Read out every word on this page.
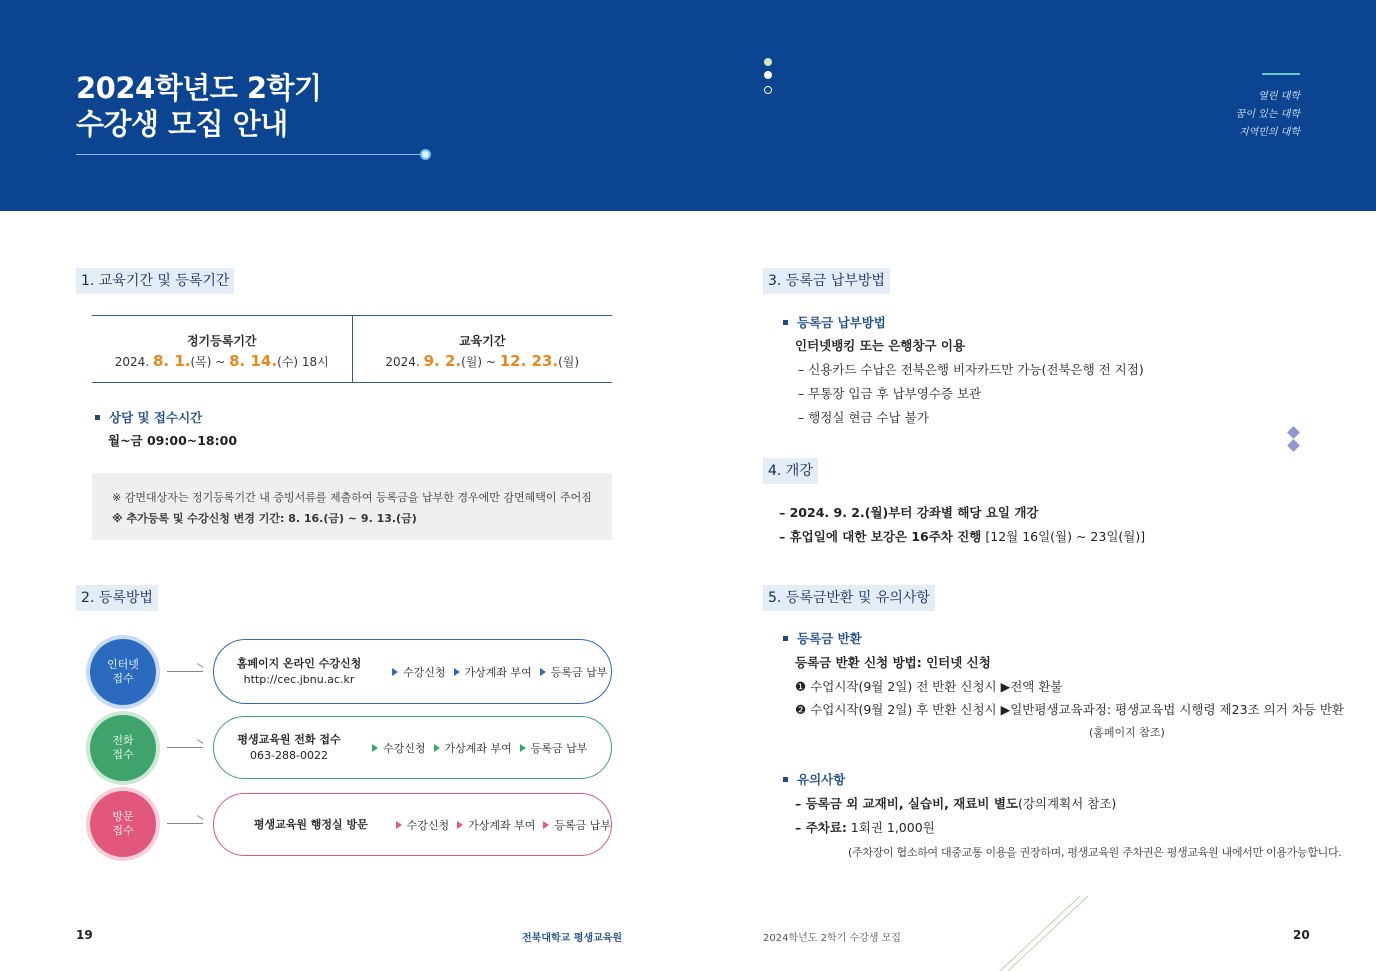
2024학년도 2학기
수강생 모집 안내
열린 대학
꿈이 있는 대학
지역민의 대학
1. 교육기간 및 등록기간
정기등록기간
2024. 8. 1.(목) ~ 8. 14.(수) 18시
교육기간
2024. 9. 2.(월) ~ 12. 23.(월)
상담 및 접수시간
월~금 09:00~18:00
※ 감면대상자는 정기등록기간 내 증빙서류를 제출하여 등록금을 납부한 경우에만 감면혜택이 주어짐
※ 추가등록 및 수강신청 변경 기간: 8. 16.(금) ~ 9. 13.(금)
2. 등록방법
인터넷
접수
홈페이지 온라인 수강신청
http://cec.jbnu.ac.kr
수강신청	가상계좌 부여	등록금 납부
전화
접수
평생교육원 전화 접수
063-288-0022
수강신청	가상계좌 부여	등록금 납부
방문
접수	평생교육원 행정실 방문	수강신청	가상계좌 부여	등록금 납부
3. 등록금 납부방법
등록금 납부방법
인터넷뱅킹 또는 은행창구 이용
– 신용카드 수납은 전북은행 비자카드만 가능(전북은행 전 지점)
– 무통장 입금 후 납부영수증 보관
– 행정실 현금 수납 불가
4. 개강
– 2024. 9. 2.(월)부터 강좌별 해당 요일 개강
– 휴업일에 대한 보강은 16주차 진행 [12월 16일(월) ~ 23일(월)]
5. 등록금반환 및 유의사항
등록금 반환
등록금 반환 신청 방법: 인터넷 신청
❶ 수업시작(9월 2일) 전 반환 신청시 ▶전액 환불
❷ 수업시작(9월 2일) 후 반환 신청시 ▶일반평생교육과정: 평생교육법 시행령 제23조 의거 차등 반환
(홈페이지 참조)
유의사항
– 등록금 외 교재비, 실습비, 재료비 별도(강의계획서 참조)
– 주차료: 1회권 1,000원
(주차장이 협소하여 대중교통 이용을 권장하며, 평생교육원 주차권은 평생교육원 내에서만 이용가능합니다.
19	전북대학교 평생교육원	2024학년도 2학기 수강생 모집	20
